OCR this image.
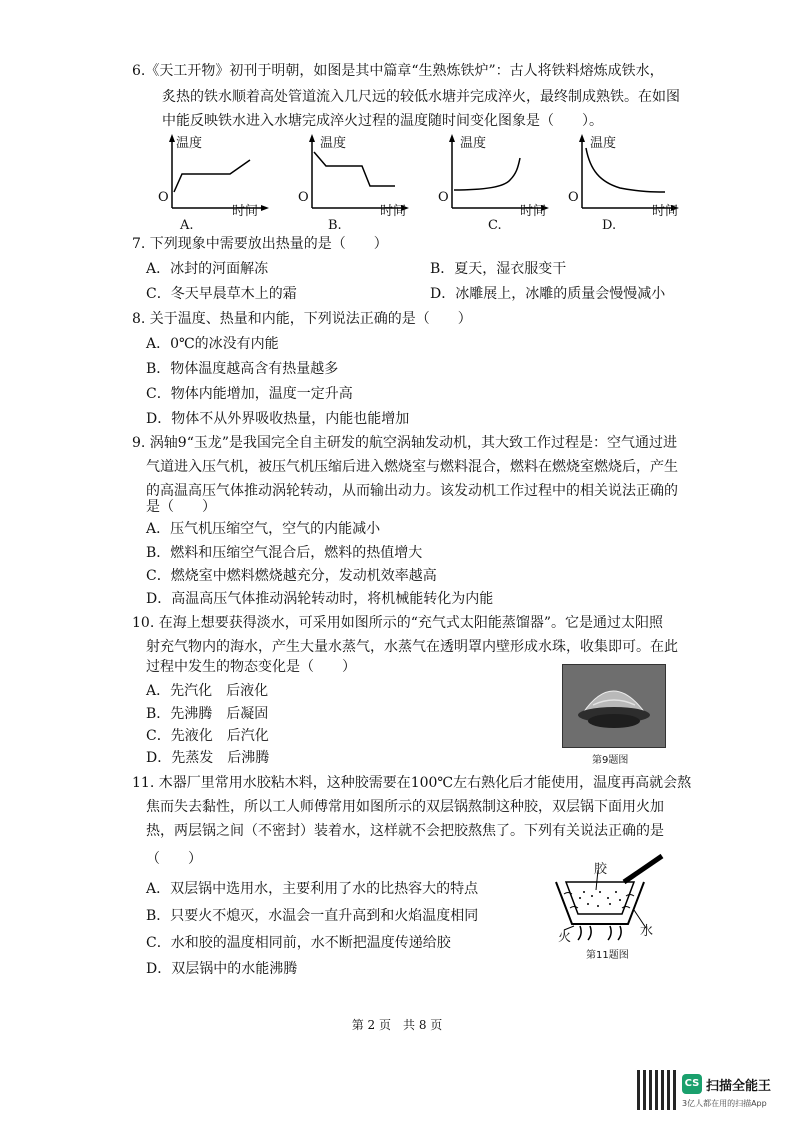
6.《天工开物》初刊于明朝，如图是其中篇章“生熟炼铁炉”：古人将铁料熔炼成铁水，
炙热的铁水顺着高处管道流入几尺远的较低水塘并完成淬火，最终制成熟铁。在如图
中能反映铁水进入水塘完成淬火过程的温度随时间变化图象是（　　）。
温度
O
时间
A.
温度
O
时间
B.
温度
O
时间
C.
温度
O
时间
D.
7. 下列现象中需要放出热量的是（　　）
A．冰封的河面解冻	B．夏天，湿衣服变干
C．冬天早晨草木上的霜	D．冰雕展上，冰雕的质量会慢慢减小
8. 关于温度、热量和内能，下列说法正确的是（　　）
A．0℃的冰没有内能
B．物体温度越高含有热量越多
C．物体内能增加，温度一定升高
D．物体不从外界吸收热量，内能也能增加
9. 涡轴9“玉龙”是我国完全自主研发的航空涡轴发动机，其大致工作过程是：空气通过进
气道进入压气机，被压气机压缩后进入燃烧室与燃料混合，燃料在燃烧室燃烧后，产生
的高温高压气体推动涡轮转动，从而输出动力。该发动机工作过程中的相关说法正确的
是（　　）
A．压气机压缩空气，空气的内能减小
B．燃料和压缩空气混合后，燃料的热值增大
C．燃烧室中燃料燃烧越充分，发动机效率越高
D．高温高压气体推动涡轮转动时，将机械能转化为内能
10. 在海上想要获得淡水，可采用如图所示的“充气式太阳能蒸馏器”。它是通过太阳照
射充气物内的海水，产生大量水蒸气，水蒸气在透明罩内壁形成水珠，收集即可。在此
过程中发生的物态变化是（　　）
A．先汽化　后液化
B．先沸腾　后凝固
C．先液化　后汽化
D．先蒸发　后沸腾	第9题图
11. 木器厂里常用水胶粘木料，这种胶需要在100℃左右熟化后才能使用，温度再高就会熬
焦而失去黏性，所以工人师傅常用如图所示的双层锅熬制这种胶，双层锅下面用火加
热，两层锅之间（不密封）装着水，这样就不会把胶熬焦了。下列有关说法正确的是
（　　）
A．双层锅中选用水，主要利用了水的比热容大的特点
B．只要火不熄灭，水温会一直升高到和火焰温度相同
C．水和胶的温度相同前，水不断把温度传递给胶
D．双层锅中的水能沸腾
胶
水
火
第11题图
第 2 页　共 8 页
CS 扫描全能王
3亿人都在用的扫描App
